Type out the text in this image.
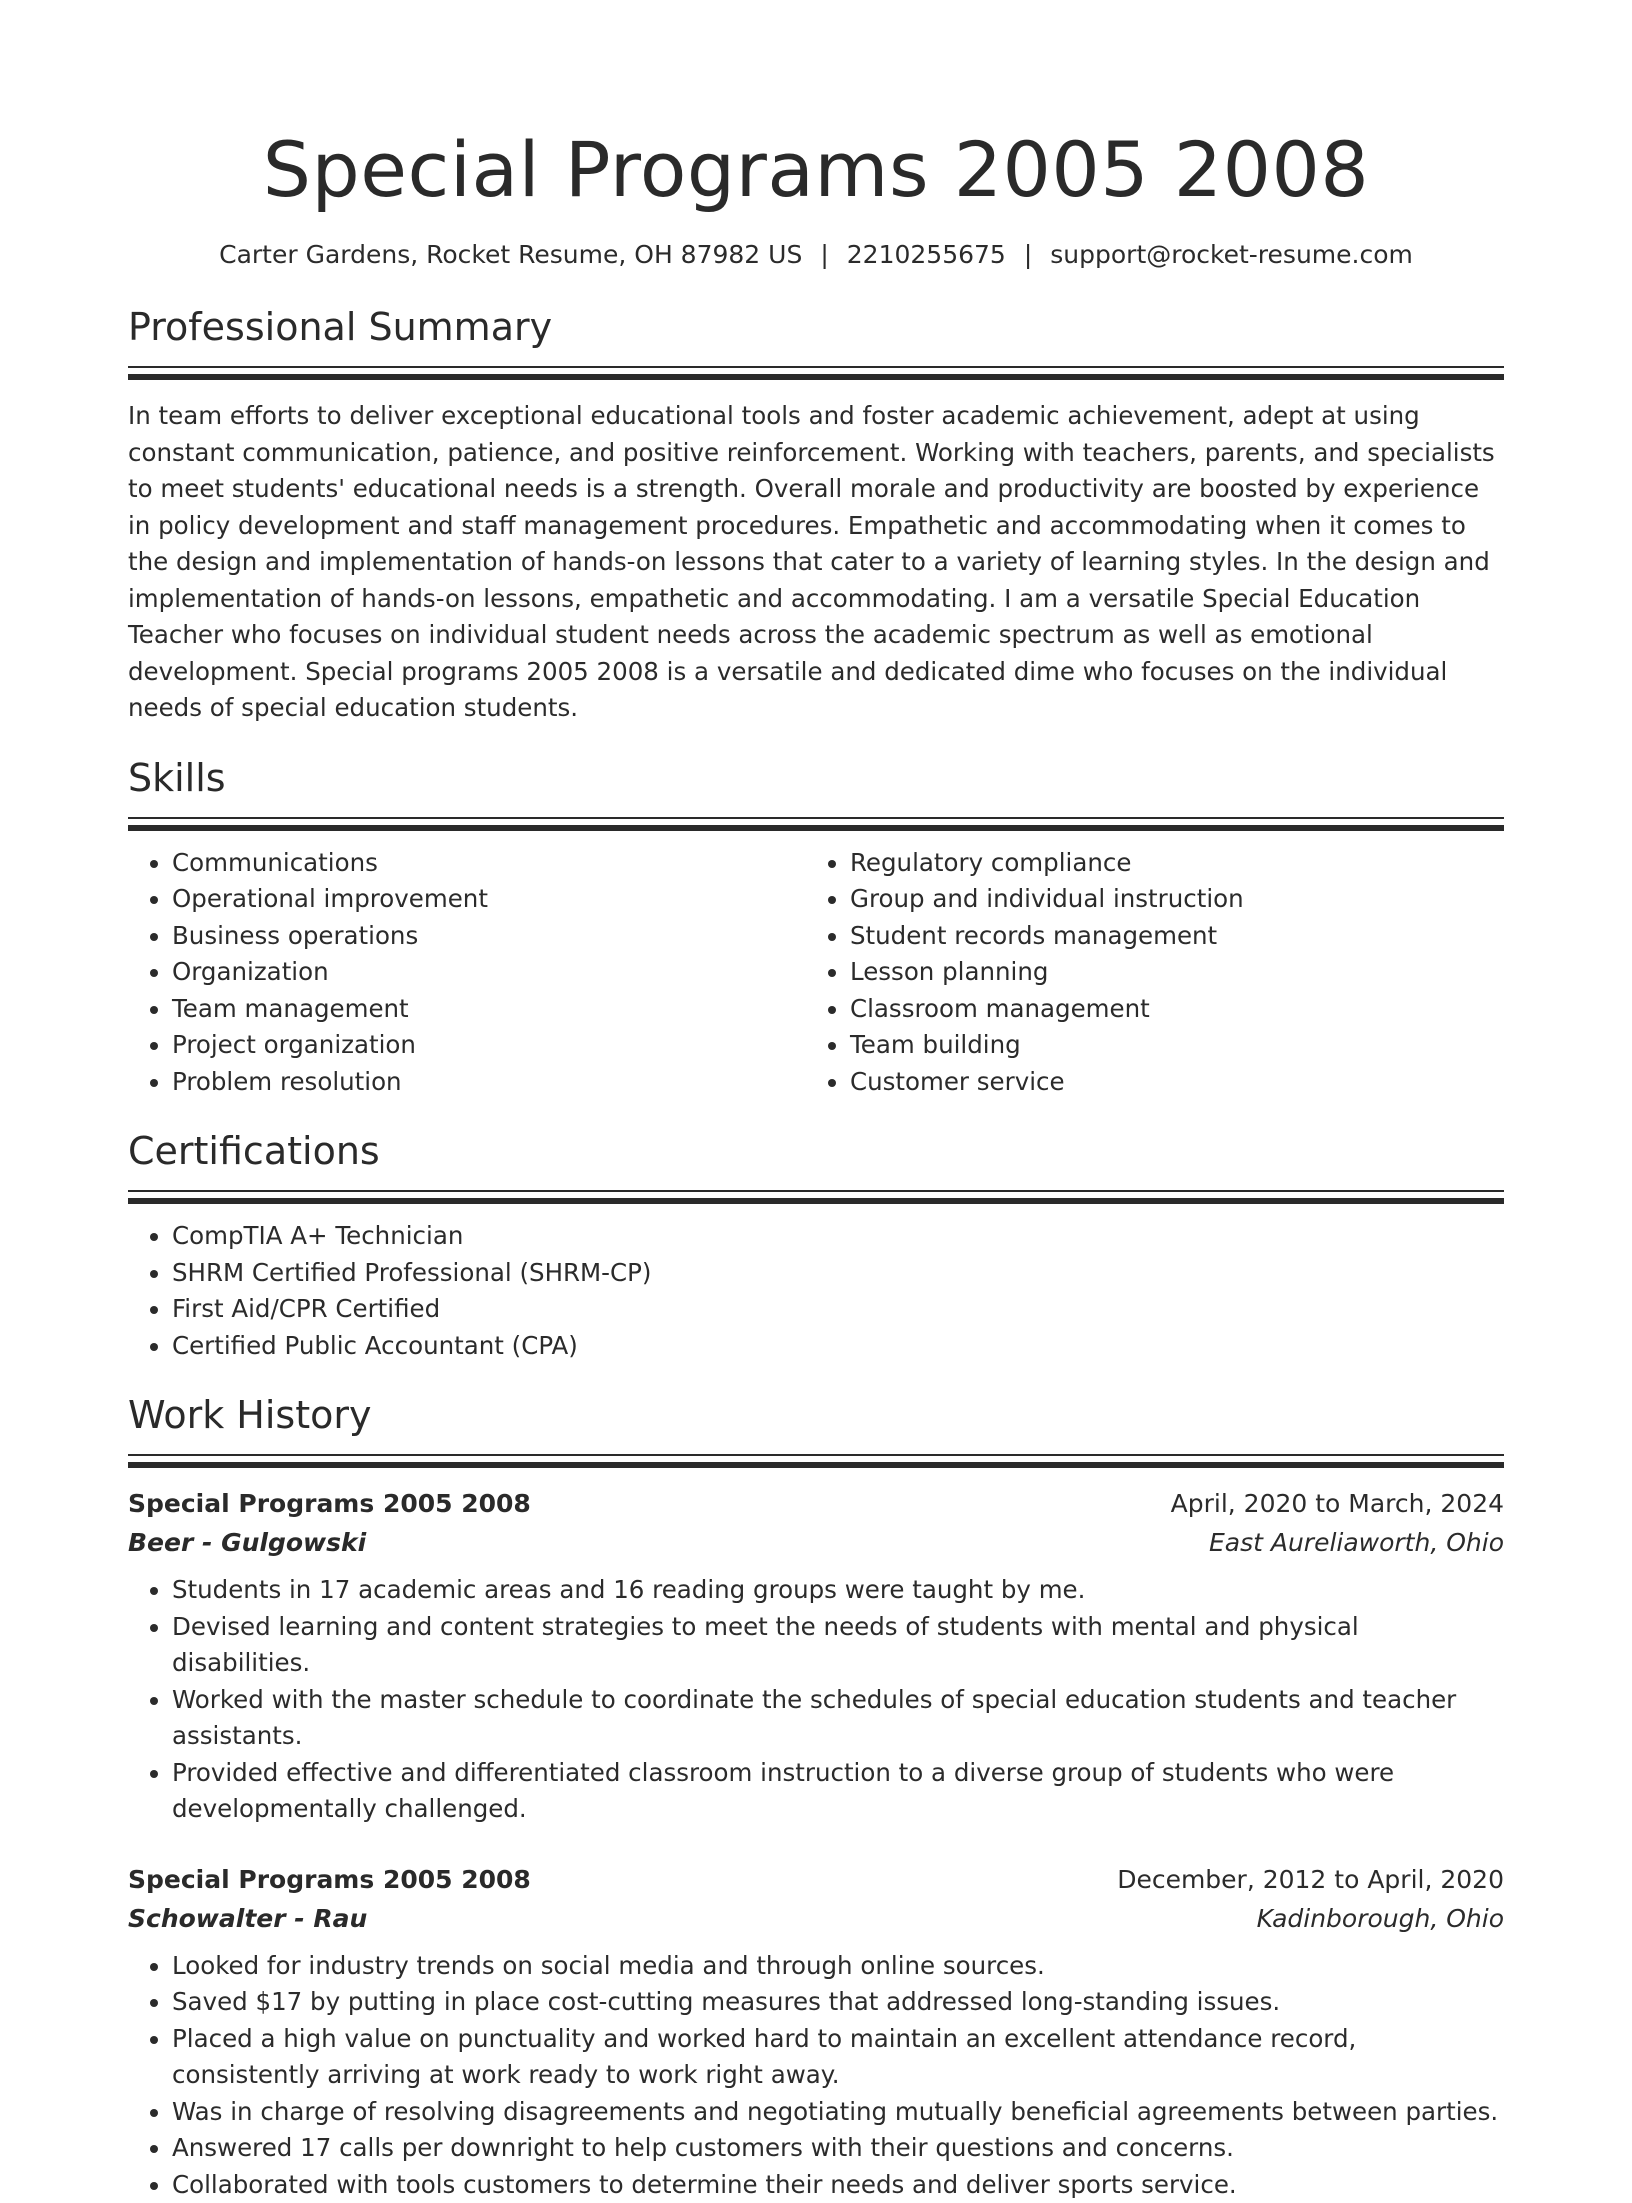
Special Programs 2005 2008
Carter Gardens, Rocket Resume, OH 87982 US | 2210255675 | support@rocket-resume.com
Professional Summary

In team efforts to deliver exceptional educational tools and foster academic achievement, adept at using constant communication, patience, and positive reinforcement. Working with teachers, parents, and specialists to meet students' educational needs is a strength. Overall morale and productivity are boosted by experience in policy development and staff management procedures. Empathetic and accommodating when it comes to the design and implementation of hands-on lessons that cater to a variety of learning styles. In the design and implementation of hands-on lessons, empathetic and accommodating. I am a versatile Special Education Teacher who focuses on individual student needs across the academic spectrum as well as emotional development. Special programs 2005 2008 is a versatile and dedicated dime who focuses on the individual needs of special education students.

Skills
• Communications
• Operational improvement
• Business operations
• Organization
• Team management
• Project organization
• Problem resolution
• Regulatory compliance
• Group and individual instruction
• Student records management
• Lesson planning
• Classroom management
• Team building
• Customer service
Certifications
• CompTIA A+ Technician
• SHRM Certified Professional (SHRM-CP)
• First Aid/CPR Certified
• Certified Public Accountant (CPA)
Work History
Special Programs 2005 2008	April, 2020 to March, 2024
Beer - Gulgowski	East Aureliaworth, Ohio
• Students in 17 academic areas and 16 reading groups were taught by me.
• Devised learning and content strategies to meet the needs of students with mental and physical disabilities.
• Worked with the master schedule to coordinate the schedules of special education students and teacher assistants.
• Provided effective and differentiated classroom instruction to a diverse group of students who were developmentally challenged.
Special Programs 2005 2008	December, 2012 to April, 2020
Schowalter - Rau	Kadinborough, Ohio
• Looked for industry trends on social media and through online sources.
• Saved $17 by putting in place cost-cutting measures that addressed long-standing issues.
• Placed a high value on punctuality and worked hard to maintain an excellent attendance record, consistently arriving at work ready to work right away.
• Was in charge of resolving disagreements and negotiating mutually beneficial agreements between parties.
• Answered 17 calls per downright to help customers with their questions and concerns.
• Collaborated with tools customers to determine their needs and deliver sports service.
